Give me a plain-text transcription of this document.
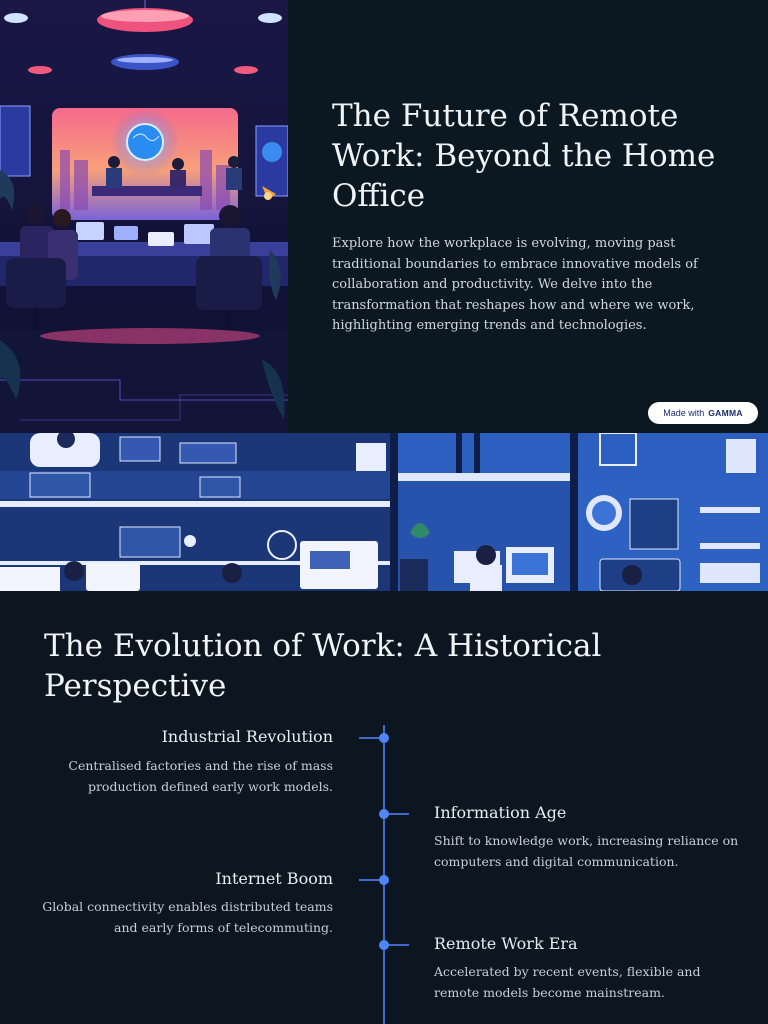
The Future of Remote Work: Beyond the Home Office

Explore how the workplace is evolving, moving past traditional boundaries to embrace innovative models of collaboration and productivity. We delve into the transformation that reshapes how and where we work, highlighting emerging trends and technologies.

Made with GAMMA
The Evolution of Work: A Historical Perspective
Industrial Revolution
Centralised factories and the rise of mass production defined early work models.
Information Age
Shift to knowledge work, increasing reliance on computers and digital communication.
Internet Boom
Global connectivity enables distributed teams and early forms of telecommuting.
Remote Work Era
Accelerated by recent events, flexible and remote models become mainstream.
